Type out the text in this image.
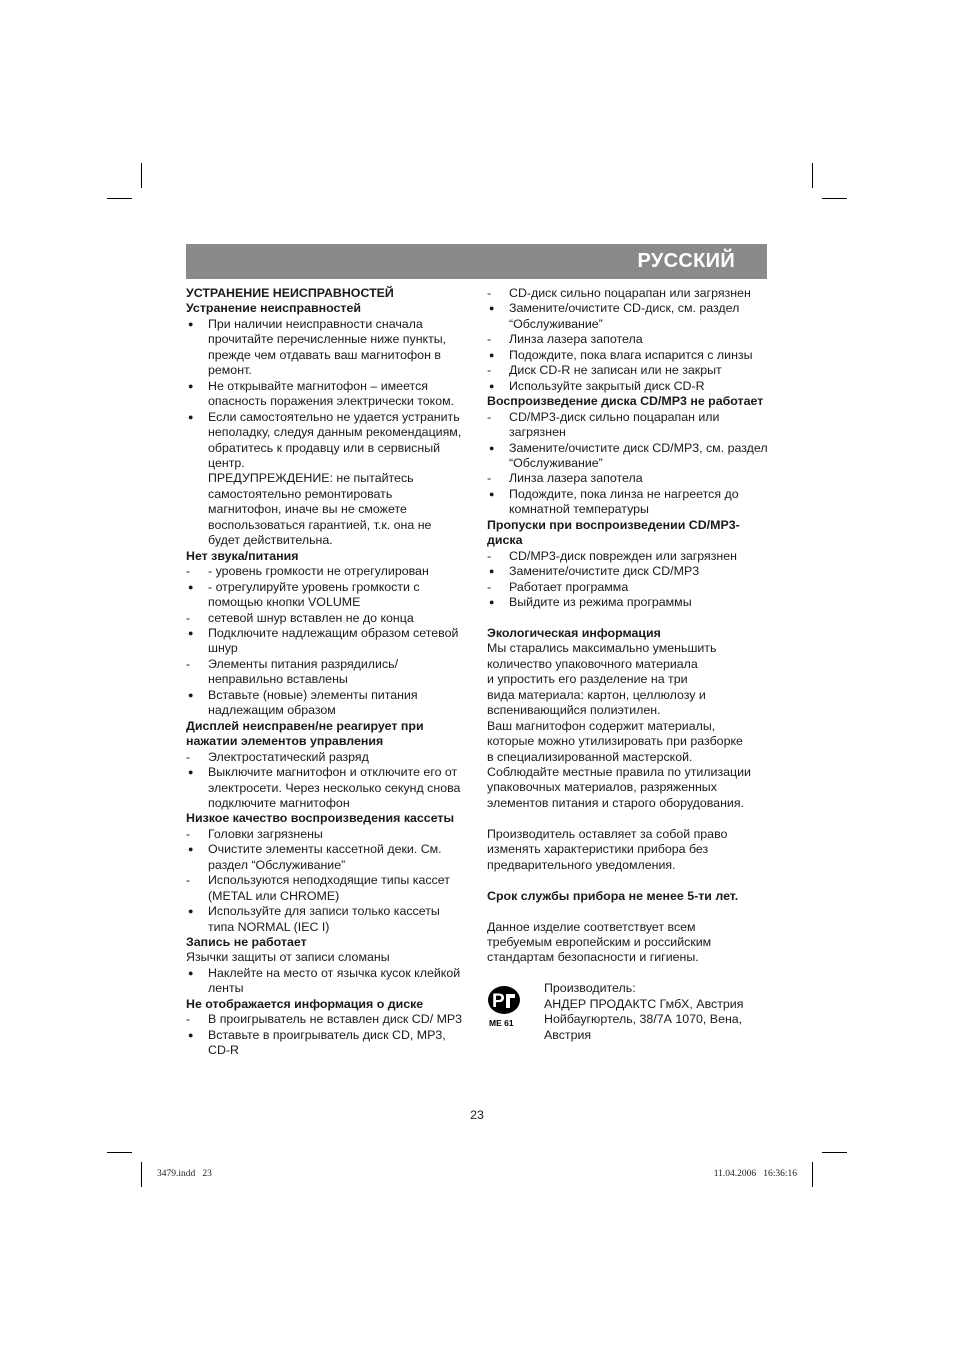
РУССКИЙ
УСТРАНЕНИЕ НЕИСПРАВНОСТЕЙ
Устранение неисправностей
●	При наличии неисправности сначала прочитайте перечисленные ниже пункты, прежде чем отдавать ваш магнитофон в ремонт.
●	Не открывайте магнитофон – имеется опасность поражения электрически током.
●	Если самостоятельно не удается устранить неполадку, следуя данным рекомендациям, обратитесь к продавцу или в сервисный центр.
ПРЕДУПРЕЖДЕНИЕ: не пытайтесь самостоятельно ремонтировать магнитофон, иначе вы не сможете воспользоваться гарантией, т.к. она не будет действительна.
Нет звука/питания
-	- уровень громкости не отрегулирован
●	- отрегулируйте уровень громкости с помощью кнопки VOLUME
-	сетевой шнур вставлен не до конца
●	Подключите надлежащим образом сетевой шнур
-	Элементы питания разрядились/ неправильно вставлены
●	Вставьте (новые) элементы питания надлежащим образом
Дисплей неисправен/не реагирует при нажатии элементов управления
-	Электростатический разряд
●	Выключите магнитофон и отключите его от электросети. Через несколько секунд снова подключите магнитофон
Низкое качество воспроизведения кассеты
-	Головки загрязнены
●	Очистите элементы кассетной деки. См. раздел “Обслуживание”
-	Используются неподходящие типы кассет (METAL или CHROME)
●	Используйте для записи только кассеты типа NORMAL (IEC I)
Запись не работает
Язычки защиты от записи сломаны
●	Наклейте на место от язычка кусок клейкой ленты
Не отображается информация о диске
-	В проигрыватель не вставлен диск CD/ MP3
●	Вставьте в проигрыватель диск CD, MP3, CD-R
-	CD-диск сильно поцарапан или загрязнен
●	Замените/очистите CD-диск, см. раздел “Обслуживание”
-	Линза лазера запотела
●	Подождите, пока влага испарится с линзы
-	Диск CD-R не записан или не закрыт
●	Используйте закрытый диск CD-R
Воспроизведение диска CD/MP3 не работает
-	CD/MP3-диск сильно поцарапан или загрязнен
●	Замените/очистите диск CD/MP3, см. раздел “Обслуживание”
-	Линза лазера запотела
●	Подождите, пока линза не нагреется до комнатной температуры
Пропуски при воспроизведении CD/MP3-диска
-	CD/MP3-диск поврежден или загрязнен
●	Замените/очистите диск CD/MP3
-	Работает программа
●	Выйдите из режима программы
Экологическая информация
Мы старались максимально уменьшить
количество упаковочного материала
и упростить его разделение на три
вида материала: картон, целлюлозу и
вспенивающийся полиэтилен.
Ваш магнитофон содержит материалы,
которые можно утилизировать при разборке
в специализированной мастерской.
Соблюдайте местные правила по утилизации
упаковочных материалов, разряженных
элементов питания и старого оборудования.
Производитель оставляет за собой право
изменять характеристики прибора без
предварительного уведомления.
Срок службы прибора не менее 5-ти лет.
Данное изделие соответствует всем
требуемым европейским и российским
стандартам безопасности и гигиены.
P
МЕ 61
Производитель:
АНДЕР ПРОДАКТС ГмбХ, Австрия
Нойбаугюртель, 38/7А 1070, Вена,
Австрия
23
3479.indd   23	11.04.2006   16:36:16
